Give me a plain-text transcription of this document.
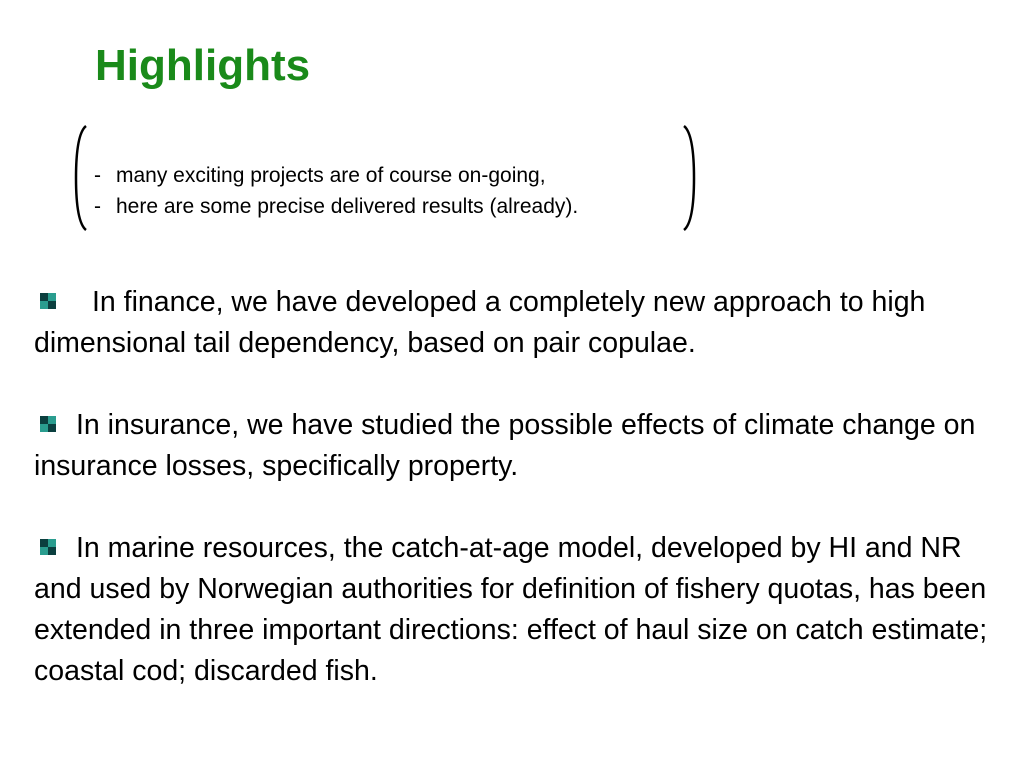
Highlights
- many exciting projects are of course on-going,
- here are some precise delivered results (already).

In finance, we have developed a completely new approach to high dimensional tail dependency, based on pair copulae.

In insurance, we have studied the possible effects of climate change on insurance losses, specifically property.

In marine resources, the catch-at-age model, developed by HI and NR and used by Norwegian authorities for definition of fishery quotas, has been extended in three important directions: effect of haul size on catch estimate; coastal cod; discarded fish.
